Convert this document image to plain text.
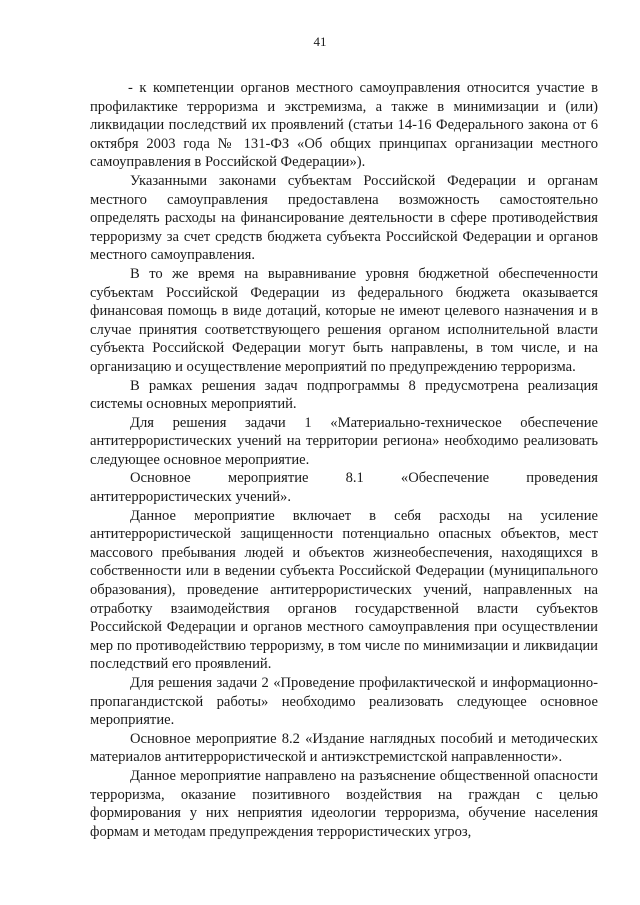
41

- к компетенции органов местного самоуправления относится участие в профилактике терроризма и экстремизма, а также в минимизации и (или) ликвидации последствий их проявлений (статьи 14-16 Федерального закона от 6 октября 2003 года № 131-ФЗ «Об общих принципах организации местного самоуправления в Российской Федерации»).

Указанными законами субъектам Российской Федерации и органам местного самоуправления предоставлена возможность самостоятельно определять расходы на финансирование деятельности в сфере противодействия терроризму за счет средств бюджета субъекта Российской Федерации и органов местного самоуправления.

В то же время на выравнивание уровня бюджетной обеспеченности субъектам Российской Федерации из федерального бюджета оказывается финансовая помощь в виде дотаций, которые не имеют целевого назначения и в случае принятия соответствующего решения органом исполнительной власти субъекта Российской Федерации могут быть направлены, в том числе, и на организацию и осуществление мероприятий по предупреждению терроризма.

В рамках решения задач подпрограммы 8 предусмотрена реализация системы основных мероприятий.

Для решения задачи 1 «Материально-техническое обеспечение антитеррористических учений на территории региона» необходимо реализовать следующее основное мероприятие.

Основное мероприятие 8.1 «Обеспечение проведения антитеррористических учений».

Данное мероприятие включает в себя расходы на усиление антитеррористической защищенности потенциально опасных объектов, мест массового пребывания людей и объектов жизнеобеспечения, находящихся в собственности или в ведении субъекта Российской Федерации (муниципального образования), проведение антитеррористических учений, направленных на отработку взаимодействия органов государственной власти субъектов Российской Федерации и органов местного самоуправления при осуществлении мер по противодействию терроризму, в том числе по минимизации и ликвидации последствий его проявлений.

Для решения задачи 2 «Проведение профилактической и информационно-пропагандистской работы» необходимо реализовать следующее основное мероприятие.

Основное мероприятие 8.2 «Издание наглядных пособий и методических материалов антитеррористической и антиэкстремистской направленности».

Данное мероприятие направлено на разъяснение общественной опасности терроризма, оказание позитивного воздействия на граждан с целью формирования у них неприятия идеологии терроризма, обучение населения формам и методам предупреждения террористических угроз,
